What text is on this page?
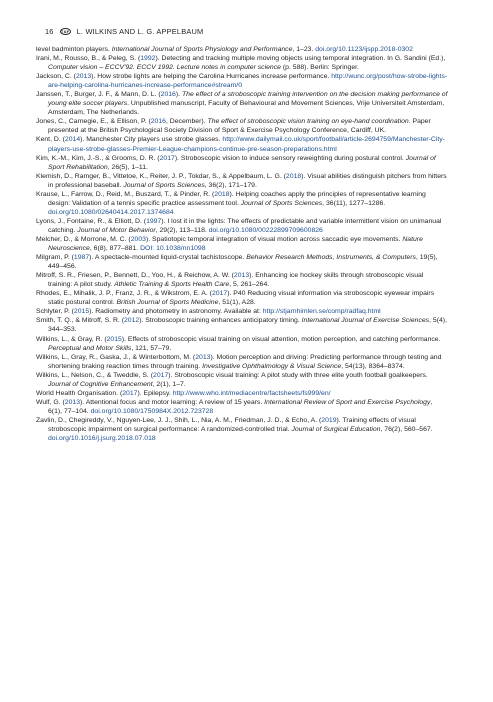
16	T&F L. WILKINS AND L. G. APPELBAUM

level badminton players. International Journal of Sports Physiology and Performance, 1–23. doi.org/10.1123/ijspp.2018-0302

Irani, M., Rousso, B., & Peleg, S. (1992). Detecting and tracking multiple moving objects using temporal integration. In G. Sandini (Ed.), Computer vision – ECCV'92. ECCV 1992. Lecture notes in computer science (p. 588). Berlin: Springer.

Jackson, C. (2013). How strobe lights are helping the Carolina Hurricanes increase performance. http://wunc.org/post/how-strobe-lights-are-helping-carolina-hurricanes-increase-performance#stream/0

Janssen, T., Burger, J. F., & Mann, D. L. (2016). The effect of a stroboscopic training intervention on the decision making performance of young elite soccer players. Unpublished manuscript, Faculty of Behavioural and Movement Sciences, Vrije Universiteit Amsterdam, Amsterdam, The Netherlands.

Jones, C., Carnegie, E., & Ellison, P. (2016, December). The effect of stroboscopic vision training on eye-hand coordination. Paper presented at the British Psychological Society Division of Sport & Exercise Psychology Conference, Cardiff, UK.

Kent, D. (2014). Manchester City players use strobe glasses. http://www.dailymail.co.uk/sport/football/article-2694759/Manchester-City-players-use-strobe-glasses-Premier-League-champions-continue-pre-season-preparations.html

Kim, K.-M., Kim, J.-S., & Grooms, D. R. (2017). Stroboscopic vision to induce sensory reweighting during postural control. Journal of Sport Rehabilitation, 26(5), 1–11.

Klemish, D., Ramger, B., Vittetoe, K., Reiter, J. P., Tokdar, S., & Appelbaum, L. G. (2018). Visual abilities distinguish pitchers from hitters in professional baseball. Journal of Sports Sciences, 36(2), 171–179.

Krause, L., Farrow, D., Reid, M., Buszard, T., & Pinder, R. (2018). Helping coaches apply the principles of representative learning design: Validation of a tennis specific practice assessment tool. Journal of Sports Sciences, 36(11), 1277–1286. doi.org/10.1080/02640414.2017.1374684

Lyons, J., Fontaine, R., & Elliott, D. (1997). I lost it in the lights: The effects of predictable and variable intermittent vision on unimanual catching. Journal of Motor Behavior, 29(2), 113–118. doi.org/10.1080/00222899709600826

Melcher, D., & Morrone, M. C. (2003). Spatiotopic temporal integration of visual motion across saccadic eye movements. Nature Neuroscience, 6(8), 877–881. DOI: 10.1038/nn1098

Milgram, P. (1987). A spectacle-mounted liquid-crystal tachistoscope. Behavior Research Methods, Instruments, & Computers, 19(5), 449–456.

Mitroff, S. R., Friesen, P., Bennett, D., Yoo, H., & Reichow, A. W. (2013). Enhancing ice hockey skills through stroboscopic visual training: A pilot study. Athletic Training & Sports Health Care, 5, 261–264.

Rhodes, E., Mihalik, J. P., Franz, J. R., & Wikstrom, E. A. (2017). P40 Reducing visual information via stroboscopic eyewear impairs static postural control. British Journal of Sports Medicine, 51(1), A28.

Schlyter, P. (2015). Radiometry and photometry in astronomy. Available at: http://stjarnhimlen.se/comp/radfaq.html

Smith, T. Q., & Mitroff, S. R. (2012). Stroboscopic training enhances anticipatory timing. International Journal of Exercise Sciences, 5(4), 344–353.

Wilkins, L., & Gray, R. (2015). Effects of stroboscopic visual training on visual attention, motion perception, and catching performance. Perceptual and Motor Skills, 121, 57–79.

Wilkins, L., Gray, R., Gaska, J., & Winterbottom, M. (2013). Motion perception and driving: Predicting performance through testing and shortening braking reaction times through training. Investigative Ophthalmology & Visual Science, 54(13), 8364–8374.

Wilkins, L., Nelson, C., & Tweddle, S. (2017). Stroboscopic visual training: A pilot study with three elite youth football goalkeepers. Journal of Cognitive Enhancement, 2(1), 1–7.

World Health Organisation. (2017). Epilepsy. http://www.who.int/mediacentre/factsheets/fs999/en/

Wulf, G. (2013). Attentional focus and motor learning: A review of 15 years. International Review of Sport and Exercise Psychology, 6(1), 77–104. doi.org/10.1080/1750984X.2012.723728

Zavlin, D., Chegireddy, V., Nguyen-Lee, J. J., Shih, L., Nia, A. M., Friedman, J. D., & Echo, A. (2019). Training effects of visual stroboscopic impairment on surgical performance: A randomized-controlled trial. Journal of Surgical Education, 76(2), 560–567. doi.org/10.1016/j.jsurg.2018.07.018
